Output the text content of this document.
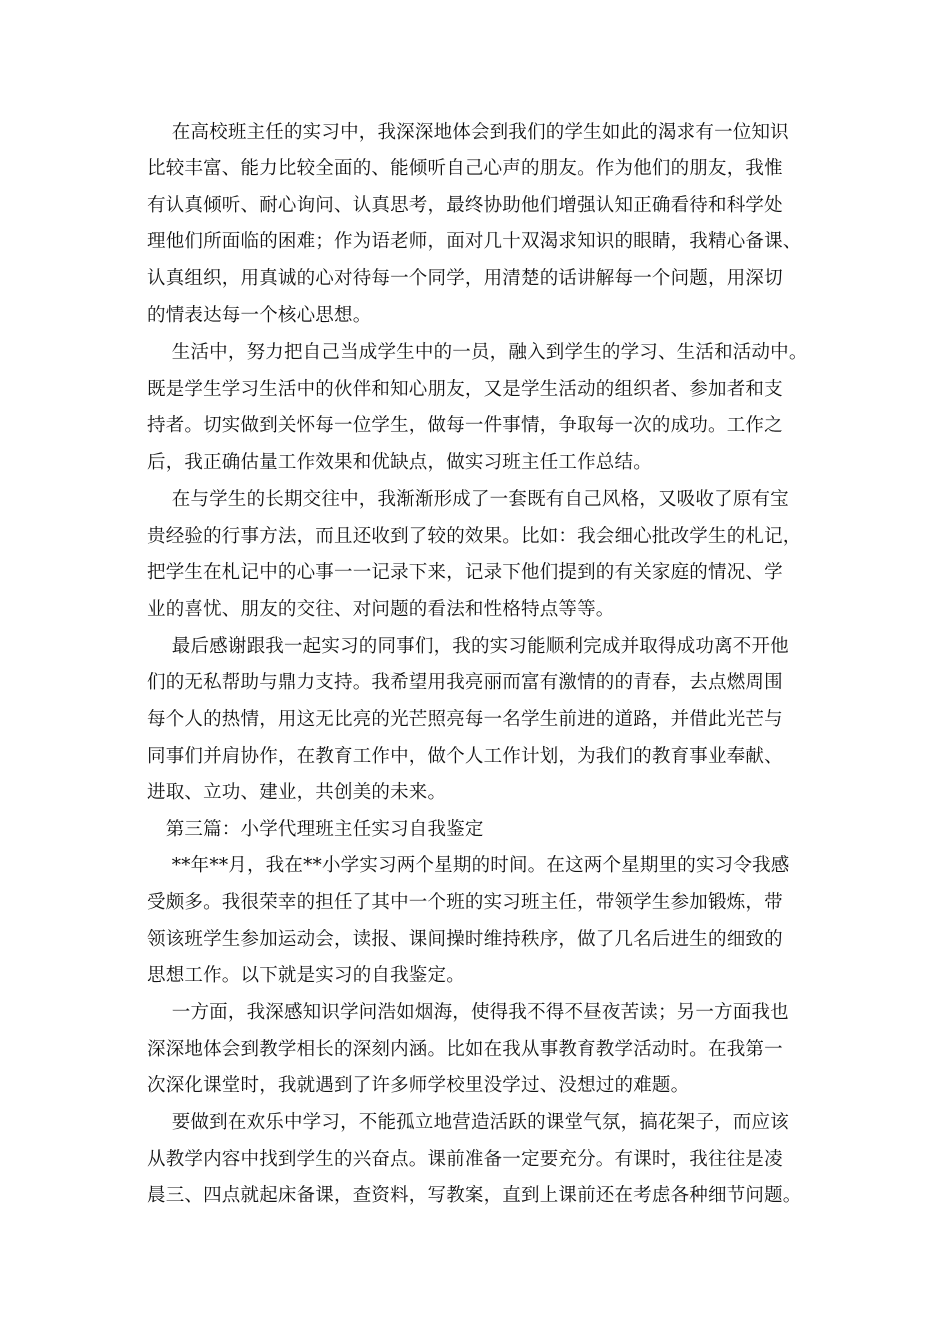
　 在高校班主任的实习中，我深深地体会到我们的学生如此的渴求有一位知识
比较丰富、能力比较全面的、能倾听自己心声的朋友。作为他们的朋友，我惟
有认真倾听、耐心询问、认真思考，最终协助他们增强认知正确看待和科学处
理他们所面临的困难；作为语老师，面对几十双渴求知识的眼睛，我精心备课、
认真组织，用真诚的心对待每一个同学，用清楚的话讲解每一个问题，用深切
的情表达每一个核心思想。
　 生活中，努力把自己当成学生中的一员，融入到学生的学习、生活和活动中。
既是学生学习生活中的伙伴和知心朋友，又是学生活动的组织者、参加者和支
持者。切实做到关怀每一位学生，做每一件事情，争取每一次的成功。工作之
后，我正确估量工作效果和优缺点，做实习班主任工作总结。
　 在与学生的长期交往中，我渐渐形成了一套既有自己风格，又吸收了原有宝
贵经验的行事方法，而且还收到了较的效果。比如：我会细心批改学生的札记，
把学生在札记中的心事一一记录下来，记录下他们提到的有关家庭的情况、学
业的喜忧、朋友的交往、对问题的看法和性格特点等等。
　 最后感谢跟我一起实习的同事们，我的实习能顺利完成并取得成功离不开他
们的无私帮助与鼎力支持。我希望用我亮丽而富有激情的的青春，去点燃周围
每个人的热情，用这无比亮的光芒照亮每一名学生前进的道路，并借此光芒与
同事们并肩协作，在教育工作中，做个人工作计划，为我们的教育事业奉献、
进取、立功、建业，共创美的未来。
　第三篇：小学代理班主任实习自我鉴定
　 **年**月，我在**小学实习两个星期的时间。在这两个星期里的实习令我感
受颇多。我很荣幸的担任了其中一个班的实习班主任，带领学生参加锻炼，带
领该班学生参加运动会，读报、课间操时维持秩序，做了几名后进生的细致的
思想工作。以下就是实习的自我鉴定。
　 一方面，我深感知识学问浩如烟海，使得我不得不昼夜苦读；另一方面我也
深深地体会到教学相长的深刻内涵。比如在我从事教育教学活动时。在我第一
次深化课堂时，我就遇到了许多师学校里没学过、没想过的难题。
　 要做到在欢乐中学习，不能孤立地营造活跃的课堂气氛，搞花架子，而应该
从教学内容中找到学生的兴奋点。课前准备一定要充分。有课时，我往往是凌
晨三、四点就起床备课，查资料，写教案，直到上课前还在考虑各种细节问题。
